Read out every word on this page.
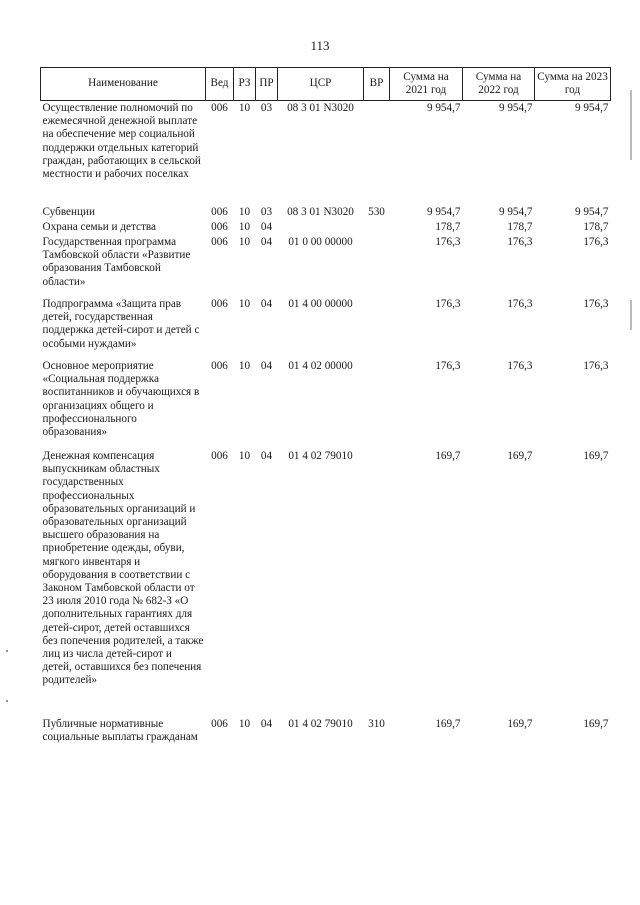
113
Наименование	Вед	РЗ	ПР	ЦСР	ВР	Сумма на 2021 год	Сумма на 2022 год	Сумма на 2023 год
Осуществление полномочий по ежемесячной денежной выплате на обеспечение мер социальной поддержки отдельных категорий граждан, работающих в сельской местности и рабочих поселках	006	10	03	08 3 01 N3020		9 954,7	9 954,7	9 954,7
Субвенции	006	10	03	08 3 01 N3020	530	9 954,7	9 954,7	9 954,7
Охрана семьи и детства	006	10	04			178,7	178,7	178,7
Государственная программа Тамбовской области «Развитие образования Тамбовской области»	006	10	04	01 0 00 00000		176,3	176,3	176,3
Подпрограмма «Защита прав детей, государственная поддержка детей-сирот и детей с особыми нуждами»	006	10	04	01 4 00 00000		176,3	176,3	176,3
Основное мероприятие «Социальная поддержка воспитанников и обучающихся в организациях общего и профессионального образования»	006	10	04	01 4 02 00000		176,3	176,3	176,3
Денежная компенсация выпускникам областных государственных профессиональных образовательных организаций и образовательных организаций высшего образования на приобретение одежды, обуви, мягкого инвентаря и оборудования в соответствии с Законом Тамбовской области от 23 июля 2010 года № 682-З «О дополнительных гарантиях для детей-сирот, детей оставшихся без попечения родителей, а также лиц из числа детей-сирот и детей, оставшихся без попечения родителей»	006	10	04	01 4 02 79010		169,7	169,7	169,7
Публичные нормативные социальные выплаты гражданам	006	10	04	01 4 02 79010	310	169,7	169,7	169,7
